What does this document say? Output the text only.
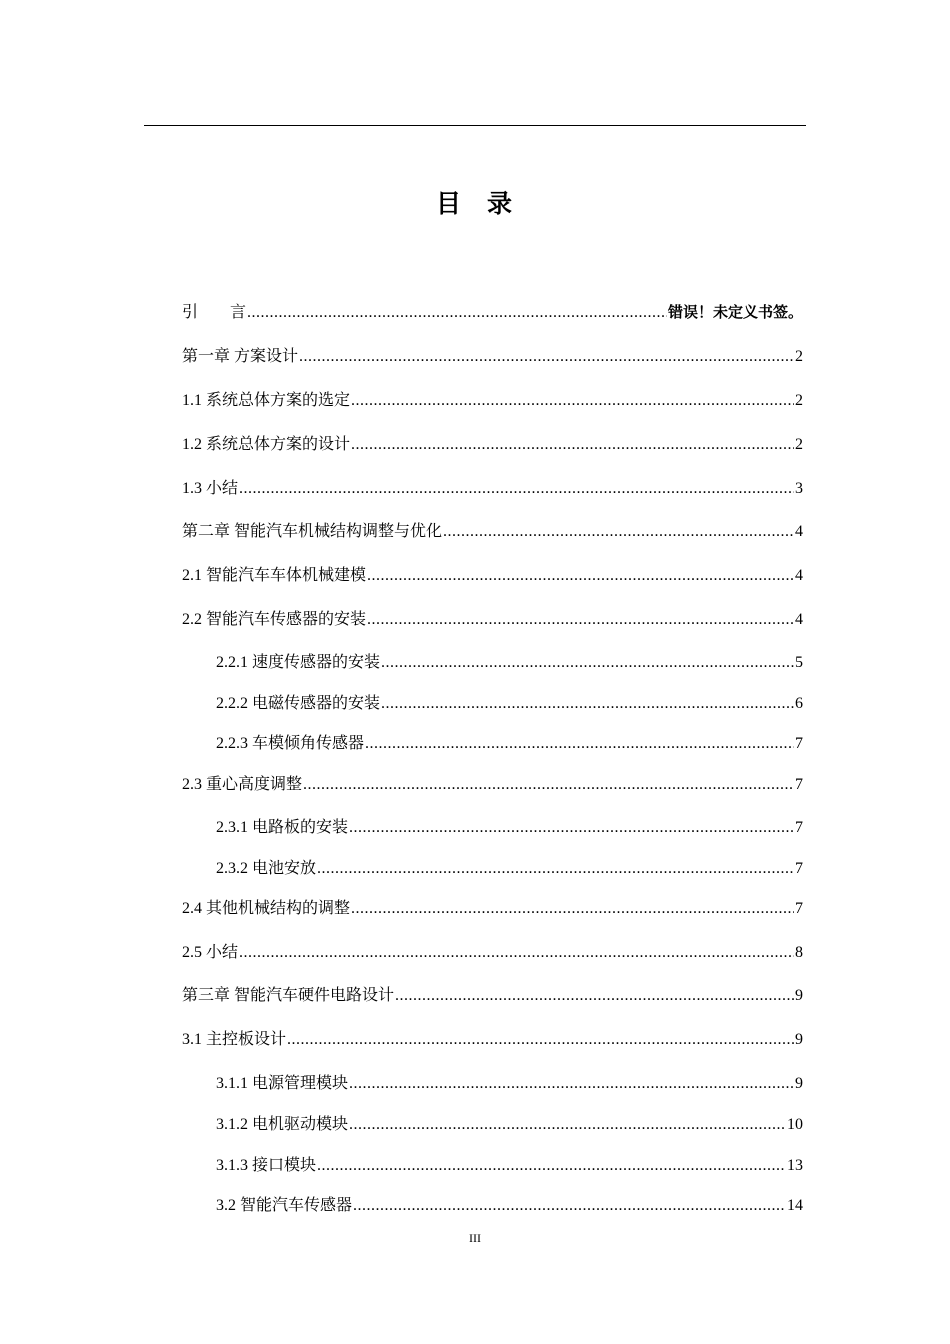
目 录
引　　言 .....	错误！未定义书签。
第一章 方案设计 .....	2
1.1 系统总体方案的选定 .....	2
1.2 系统总体方案的设计 .....	2
1.3 小结 .....	3
第二章 智能汽车机械结构调整与优化 .....	4
2.1 智能汽车车体机械建模 .....	4
2.2 智能汽车传感器的安装 .....	4
2.2.1 速度传感器的安装 .....	5
2.2.2 电磁传感器的安装 .....	6
2.2.3 车模倾角传感器 .....	7
2.3 重心高度调整 .....	7
2.3.1 电路板的安装 .....	7
2.3.2 电池安放 .....	7
2.4 其他机械结构的调整 .....	7
2.5 小结 .....	8
第三章 智能汽车硬件电路设计 .....	9
3.1 主控板设计 .....	9
3.1.1 电源管理模块 .....	9
3.1.2 电机驱动模块 .....	10
3.1.3 接口模块 .....	13
3.2 智能汽车传感器 .....	14
III
